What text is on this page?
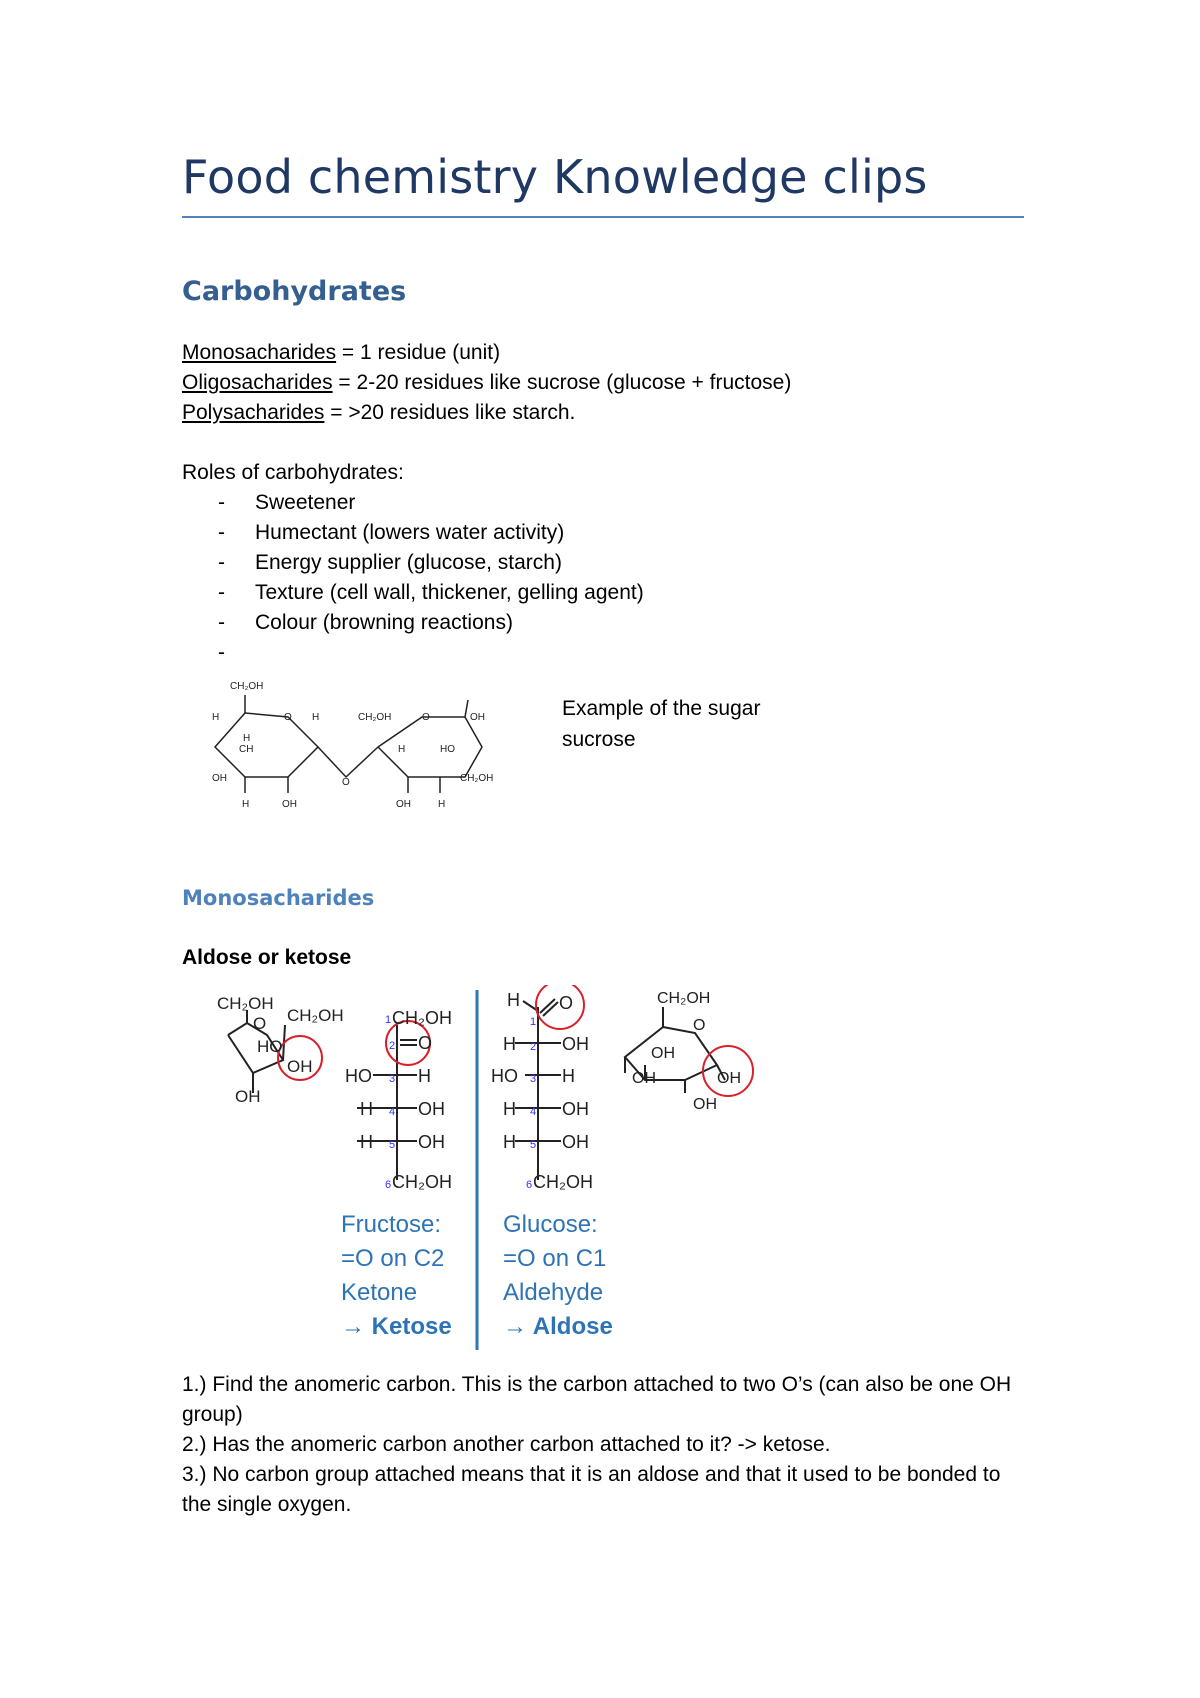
Food chemistry Knowledge clips
Carbohydrates
Monosacharides = 1 residue (unit)
Oligosacharides = 2-20 residues like sucrose (glucose + fructose)
Polysacharides = >20 residues like starch.
Roles of carbohydrates:
- Sweetener
- Humectant (lowers water activity)
- Energy supplier (glucose, starch)
- Texture (cell wall, thickener, gelling agent)
- Colour (browning reactions)
-
CH₂OH
H	O H	CH₂OH	O	OH
H
CH	H	HO
OH	O	CH₂OH
H	OH	OH	H
Example of the sugar sucrose
Monosacharides
Aldose or ketose
CH₂OH
O CH₂OH
HO
OH
OH
1
2
3
4
5
6
CH₂OH
O
HO	H
H	OH
H	OH
CH₂OH
1
2
3
4
5
6
H O
H	OH
HO H
H	OH
H	OH
CH₂OH
CH₂OH
O
OH
OH	OH
OH
Fructose:
=O on C2
Ketone
→ Ketose
Glucose:
=O on C1
Aldehyde
→ Aldose
1.) Find the anomeric carbon. This is the carbon attached to two O’s (can also be one OH group)
2.) Has the anomeric carbon another carbon attached to it? -> ketose.
3.) No carbon group attached means that it is an aldose and that it used to be bonded to the single oxygen.
